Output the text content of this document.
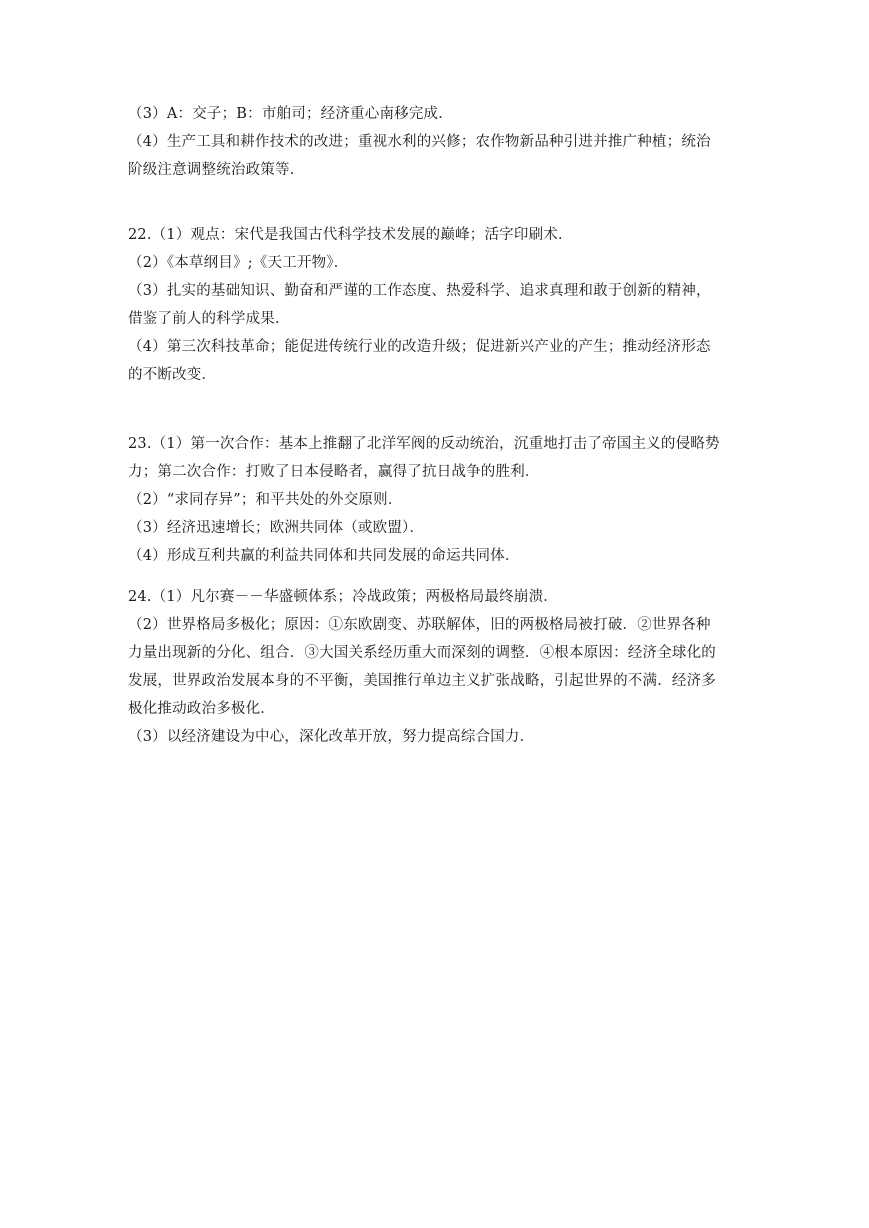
（3）A：交子；B：市舶司；经济重心南移完成．
（4）生产工具和耕作技术的改进；重视水利的兴修；农作物新品种引进并推广种植；统治
阶级注意调整统治政策等．
22.（1）观点：宋代是我国古代科学技术发展的巅峰；活字印刷术．
（2）《本草纲目》;《天工开物》．
（3）扎实的基础知识、勤奋和严谨的工作态度、热爱科学、追求真理和敢于创新的精神，
借鉴了前人的科学成果．
（4）第三次科技革命；能促进传统行业的改造升级；促进新兴产业的产生；推动经济形态
的不断改变．
23.（1）第一次合作：基本上推翻了北洋军阀的反动统治，沉重地打击了帝国主义的侵略势
力；第二次合作：打败了日本侵略者，赢得了抗日战争的胜利．
（2）“求同存异”；和平共处的外交原则．
（3）经济迅速增长；欧洲共同体（或欧盟）．
（4）形成互利共赢的利益共同体和共同发展的命运共同体．
24.（1）凡尔赛－－华盛顿体系；冷战政策；两极格局最终崩溃．
（2）世界格局多极化；原因：①东欧剧变、苏联解体，旧的两极格局被打破．②世界各种
力量出现新的分化、组合．③大国关系经历重大而深刻的调整．④根本原因：经济全球化的
发展，世界政治发展本身的不平衡，美国推行单边主义扩张战略，引起世界的不满．经济多
极化推动政治多极化．
（3）以经济建设为中心，深化改革开放，努力提高综合国力．
